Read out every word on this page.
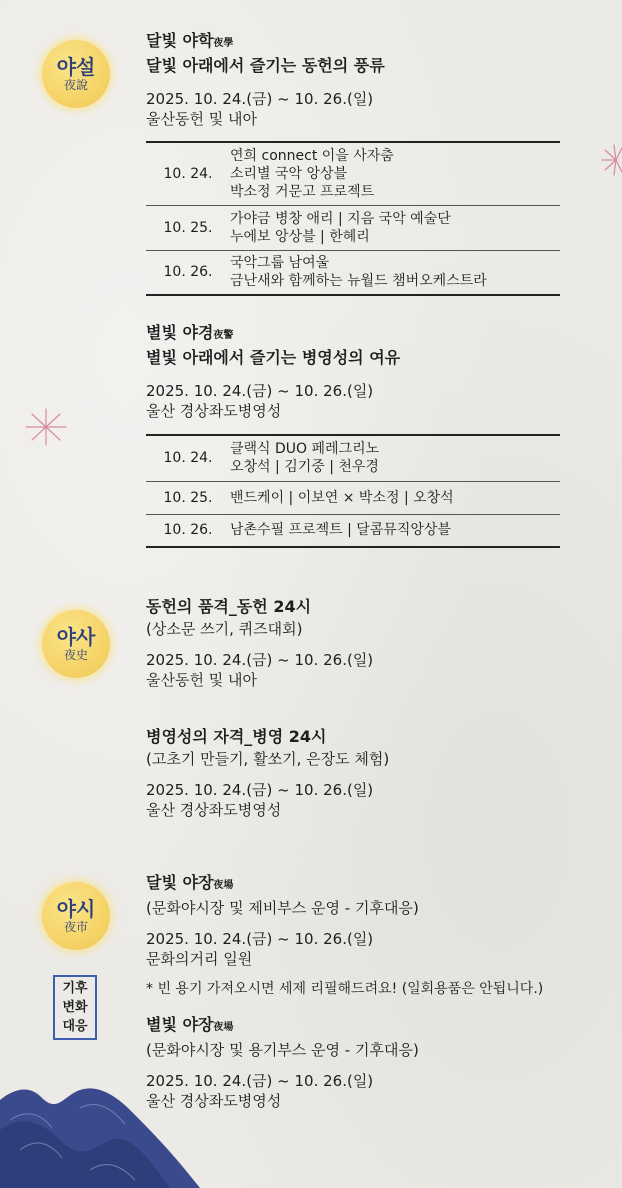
야설
夜說

달빛 야학夜學

달빛 아래에서 즐기는 동헌의 풍류

2025. 10. 24.(금) ~ 10. 26.(일)

울산동헌 및 내아

10. 24.	연희 connect 이을 사자춤
소리별 국악 앙상블
박소정 거문고 프로젝트

10. 25.	가야금 병창 애리 | 지음 국악 예술단
누에보 앙상블 | 한혜리

10. 26.	국악그룹 남여울
금난새와 함께하는 뉴월드 챔버오케스트라

별빛 야경夜警

별빛 아래에서 즐기는 병영성의 여유

2025. 10. 24.(금) ~ 10. 26.(일)

울산 경상좌도병영성

10. 24.	클랙식 DUO 페레그리노
오창석 | 김기중 | 천우경

10. 25.	밴드케이 | 이보연 × 박소정 | 오창석

10. 26.	남촌수필 프로젝트 | 달콤뮤직앙상블
야사
夜史

동헌의 품격_동헌 24시

(상소문 쓰기, 퀴즈대회)

2025. 10. 24.(금) ~ 10. 26.(일)

울산동헌 및 내아

병영성의 자격_병영 24시

(고초기 만들기, 활쏘기, 은장도 체험)

2025. 10. 24.(금) ~ 10. 26.(일)

울산 경상좌도병영성

야시
夜市
기후
변화
대응

달빛 야장夜場

(문화야시장 및 제비부스 운영 - 기후대응)

2025. 10. 24.(금) ~ 10. 26.(일)

문화의거리 일원

* 빈 용기 가져오시면 세제 리필해드려요! (일회용품은 안됩니다.)

별빛 야장夜場

(문화야시장 및 용기부스 운영 - 기후대응)

2025. 10. 24.(금) ~ 10. 26.(일)

울산 경상좌도병영성
